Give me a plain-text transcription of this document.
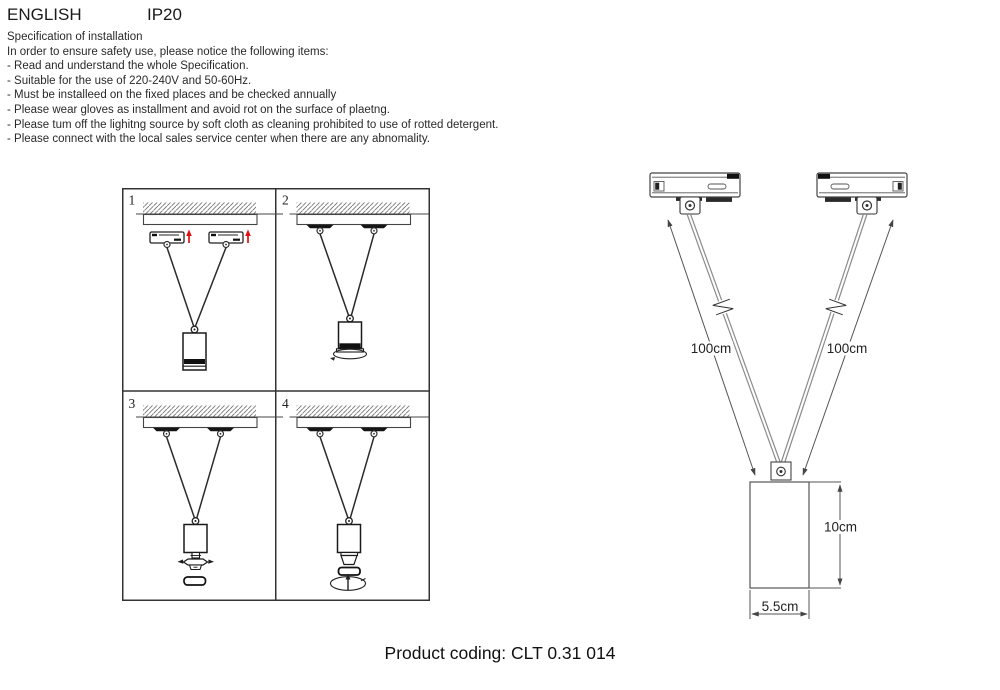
ENGLISH	IP20
Specification of installation
In order to ensure safety use, please notice the following items:
- Read and understand the whole Specification.
- Suitable for the use of 220-240V and 50-60Hz.
- Must be installeed on the fixed places and be checked annually
- Please wear gloves as installment and avoid rot on the surface of plaetng.
- Please tum off the lighitng source by soft cloth as cleaning prohibited to use of rotted detergent.
- Please connect with the local sales service center when there are any abnomality.
1	2
3	4
100cm	100cm
10cm
5.5cm
Product coding: CLT 0.31 014
